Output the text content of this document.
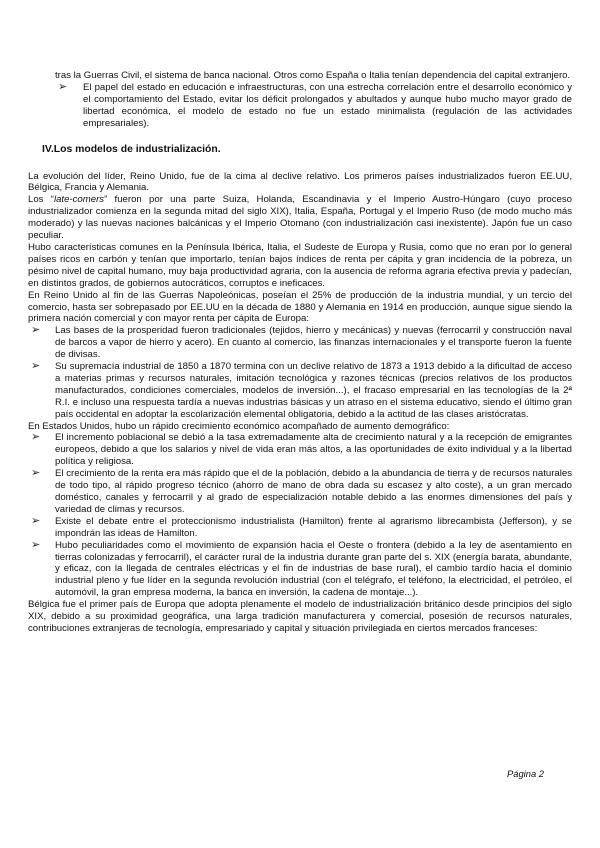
tras la Guerras Civil, el sistema de banca nacional. Otros como España o Italia tenían dependencia del capital extranjero.

➢ El papel del estado en educación e infraestructuras, con una estrecha correlación entre el desarrollo económico y el comportamiento del Estado, evitar los déficit prolongados y abultados y aunque hubo mucho mayor grado de libertad económica, el modelo de estado no fue un estado minimalista (regulación de las actividades empresariales).
IV.Los modelos de industrialización.

La evolución del líder, Reino Unido, fue de la cima al declive relativo. Los primeros países industrializados fueron EE.UU, Bélgica, Francia y Alemania.

Los “late-comers” fueron por una parte Suiza, Holanda, Escandinavia y el Imperio Austro-Húngaro (cuyo proceso industrializador comienza en la segunda mitad del siglo XIX), Italia, España, Portugal y el Imperio Ruso (de modo mucho más moderado) y las nuevas naciones balcánicas y el Imperio Otomano (con industrialización casi inexistente). Japón fue un caso peculiar.

Hubo características comunes en la Península Ibérica, Italia, el Sudeste de Europa y Rusia, como que no eran por lo general países ricos en carbón y tenían que importarlo, tenían bajos índices de renta per cápita y gran incidencia de la pobreza, un pésimo nivel de capital humano, muy baja productividad agraria, con la ausencia de reforma agraria efectiva previa y padecían, en distintos grados, de gobiernos autocráticos, corruptos e ineficaces.

En Reino Unido al fin de las Guerras Napoleónicas, poseían el 25% de producción de la industria mundial, y un tercio del comercio, hasta ser sobrepasado por EE.UU en la década de 1880 y Alemania en 1914 en producción, aunque sigue siendo la primera nación comercial y con mayor renta per cápita de Europa:

➢ Las bases de la prosperidad fueron tradicionales (tejidos, hierro y mecánicas) y nuevas (ferrocarril y construcción naval de barcos a vapor de hierro y acero). En cuanto al comercio, las finanzas internacionales y el transporte fueron la fuente de divisas.
➢ Su supremacía industrial de 1850 a 1870 termina con un declive relativo de 1873 a 1913 debido a la dificultad de acceso a materias primas y recursos naturales, imitación tecnológica y razones técnicas (precios relativos de los productos manufacturados, condiciones comerciales, modelos de inversión...), el fracaso empresarial en las tecnologías de la 2ª R.I. e incluso una respuesta tardía a nuevas industrias básicas y un atraso en el sistema educativo, siendo el último gran país occidental en adoptar la escolarización elemental obligatoria, debido a la actitud de las clases aristócratas.

En Estados Unidos, hubo un rápido crecimiento económico acompañado de aumento demográfico:

➢ El incremento poblacional se debió a la tasa extremadamente alta de crecimiento natural y a la recepción de emigrantes europeos, debido a que los salarios y nivel de vida eran más altos, a las oportunidades de éxito individual y a la libertad política y religiosa.
➢ El crecimiento de la renta era más rápido que el de la población, debido a la abundancia de tierra y de recursos naturales de todo tipo, al rápido progreso técnico (ahorro de mano de obra dada su escasez y alto coste), a un gran mercado doméstico, canales y ferrocarril y al grado de especialización notable debido a las enormes dimensiones del país y variedad de climas y recursos.
➢ Existe el debate entre el proteccionismo industrialista (Hamilton) frente al agrarismo librecambista (Jefferson), y se impondrán las ideas de Hamilton.
➢ Hubo peculiaridades como el movimiento de expansión hacia el Oeste o frontera (debido a la ley de asentamiento en tierras colonizadas y ferrocarril), el carácter rural de la industria durante gran parte del s. XIX (energía barata, abundante, y eficaz, con la llegada de centrales eléctricas y el fin de industrias de base rural), el cambio tardío hacia el dominio industrial pleno y fue líder en la segunda revolución industrial (con el telégrafo, el teléfono, la electricidad, el petróleo, el automóvil, la gran empresa moderna, la banca en inversión, la cadena de montaje...).

Bélgica fue el primer país de Europa que adopta plenamente el modelo de industrialización británico desde principios del siglo XIX, debido a su proximidad geográfica, una larga tradición manufacturera y comercial, posesión de recursos naturales, contribuciones extranjeras de tecnología, empresariado y capital y situación privilegiada en ciertos mercados franceses:

Página 2
